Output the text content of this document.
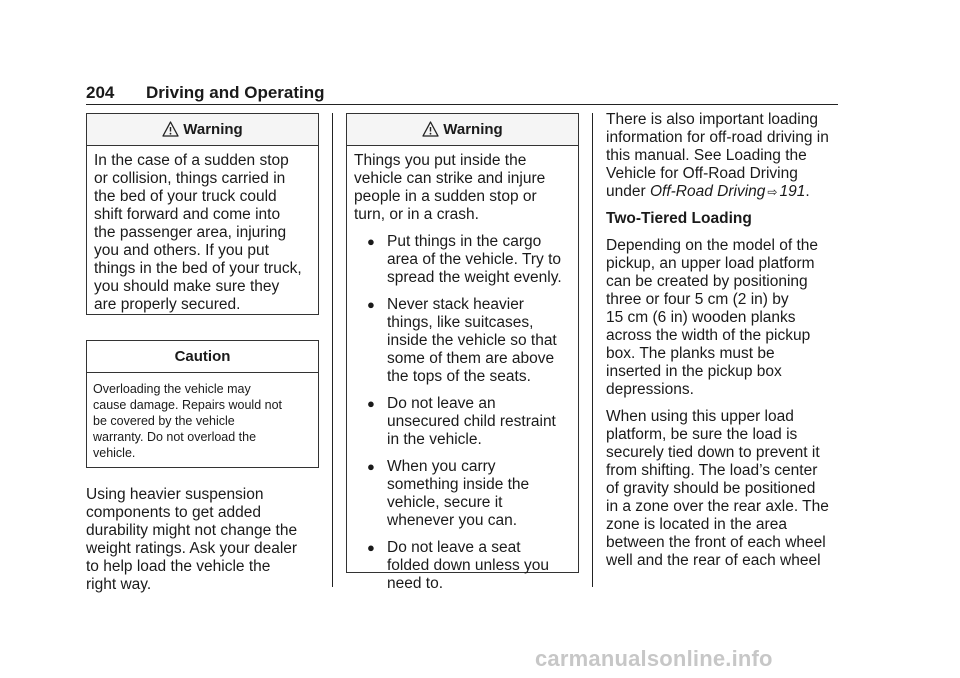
204 Driving and Operating
Warning
In the case of a sudden stop
or collision, things carried in
the bed of your truck could
shift forward and come into
the passenger area, injuring
you and others. If you put
things in the bed of your truck,
you should make sure they
are properly secured.
Caution
Overloading the vehicle may
cause damage. Repairs would not
be covered by the vehicle
warranty. Do not overload the
vehicle.
Using heavier suspension
components to get added
durability might not change the
weight ratings. Ask your dealer
to help load the vehicle the
right way.
Warning
Things you put inside the
vehicle can strike and injure
people in a sudden stop or
turn, or in a crash.
● Put things in the cargo
area of the vehicle. Try to
spread the weight evenly.
● Never stack heavier
things, like suitcases,
inside the vehicle so that
some of them are above
the tops of the seats.
● Do not leave an
unsecured child restraint
in the vehicle.
● When you carry
something inside the
vehicle, secure it
whenever you can.
● Do not leave a seat
folded down unless you
need to.
There is also important loading
information for off-road driving in
this manual. See Loading the
Vehicle for Off-Road Driving
under Off-Road Driving ⇨ 191.
Two-Tiered Loading
Depending on the model of the
pickup, an upper load platform
can be created by positioning
three or four 5 cm (2 in) by
15 cm (6 in) wooden planks
across the width of the pickup
box. The planks must be
inserted in the pickup box
depressions.
When using this upper load
platform, be sure the load is
securely tied down to prevent it
from shifting. The load’s center
of gravity should be positioned
in a zone over the rear axle. The
zone is located in the area
between the front of each wheel
well and the rear of each wheel
carmanualsonline.info
